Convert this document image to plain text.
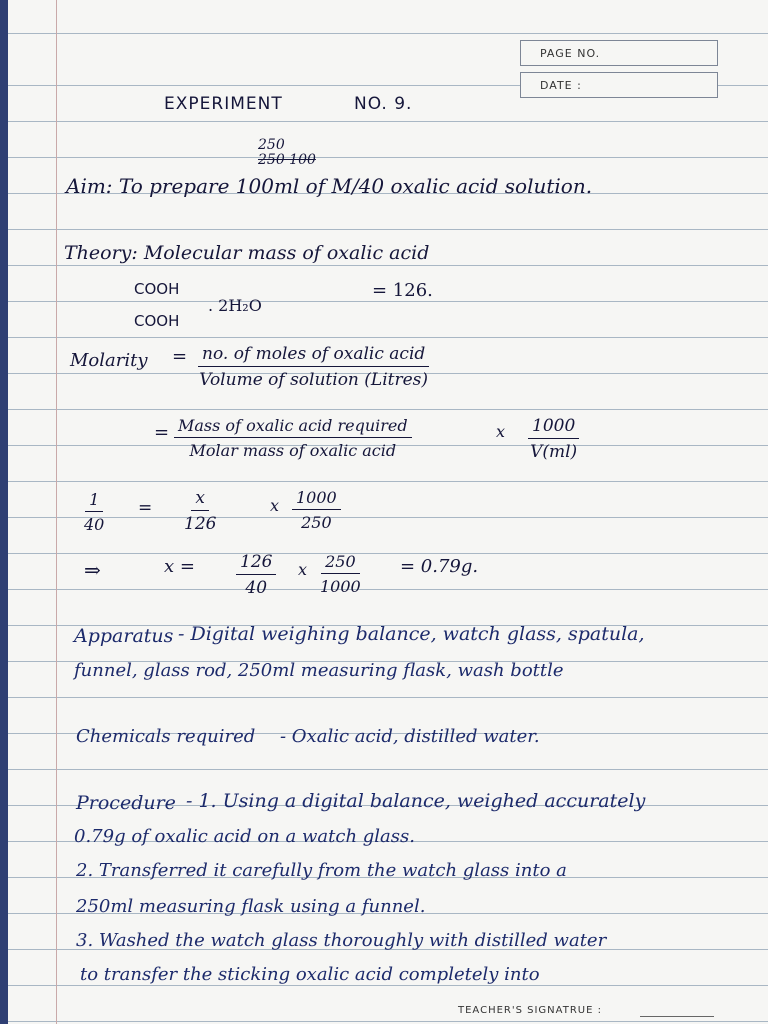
PAGE NO.
DATE :
EXPERIMENT	NO. 9.
250
250 100
Aim: To prepare 100ml of M/40 oxalic acid solution.
Theory: Molecular mass of oxalic acid
COOH
COOH
. 2H₂O
= 126.
Molarity = no. of moles of oxalic acid
Volume of solution (Litres)
= Mass of oxalic acid required
Molar mass of oxalic acid
x $\frac{1000}{V(ml)}$
$\frac{1}{40} = \frac{x}{126}$	x $\frac{1000}{250}$
⇒	$x = \frac{126}{40}$ x $\frac{250}{1000} = 0.79g$.
Apparatus - Digital weighing balance, watch glass, spatula,
funnel, glass rod, 250ml measuring flask, wash bottle
Chemicals required - Oxalic acid, distilled water.
Procedure - 1. Using a digital balance, weighed accurately
0.79g of oxalic acid on a watch glass.
2. Transferred it carefully from the watch glass into a
250ml measuring flask using a funnel.
3. Washed the watch glass thoroughly with distilled water
to transfer the sticking oxalic acid completely into
TEACHER'S SIGNATRUE :
